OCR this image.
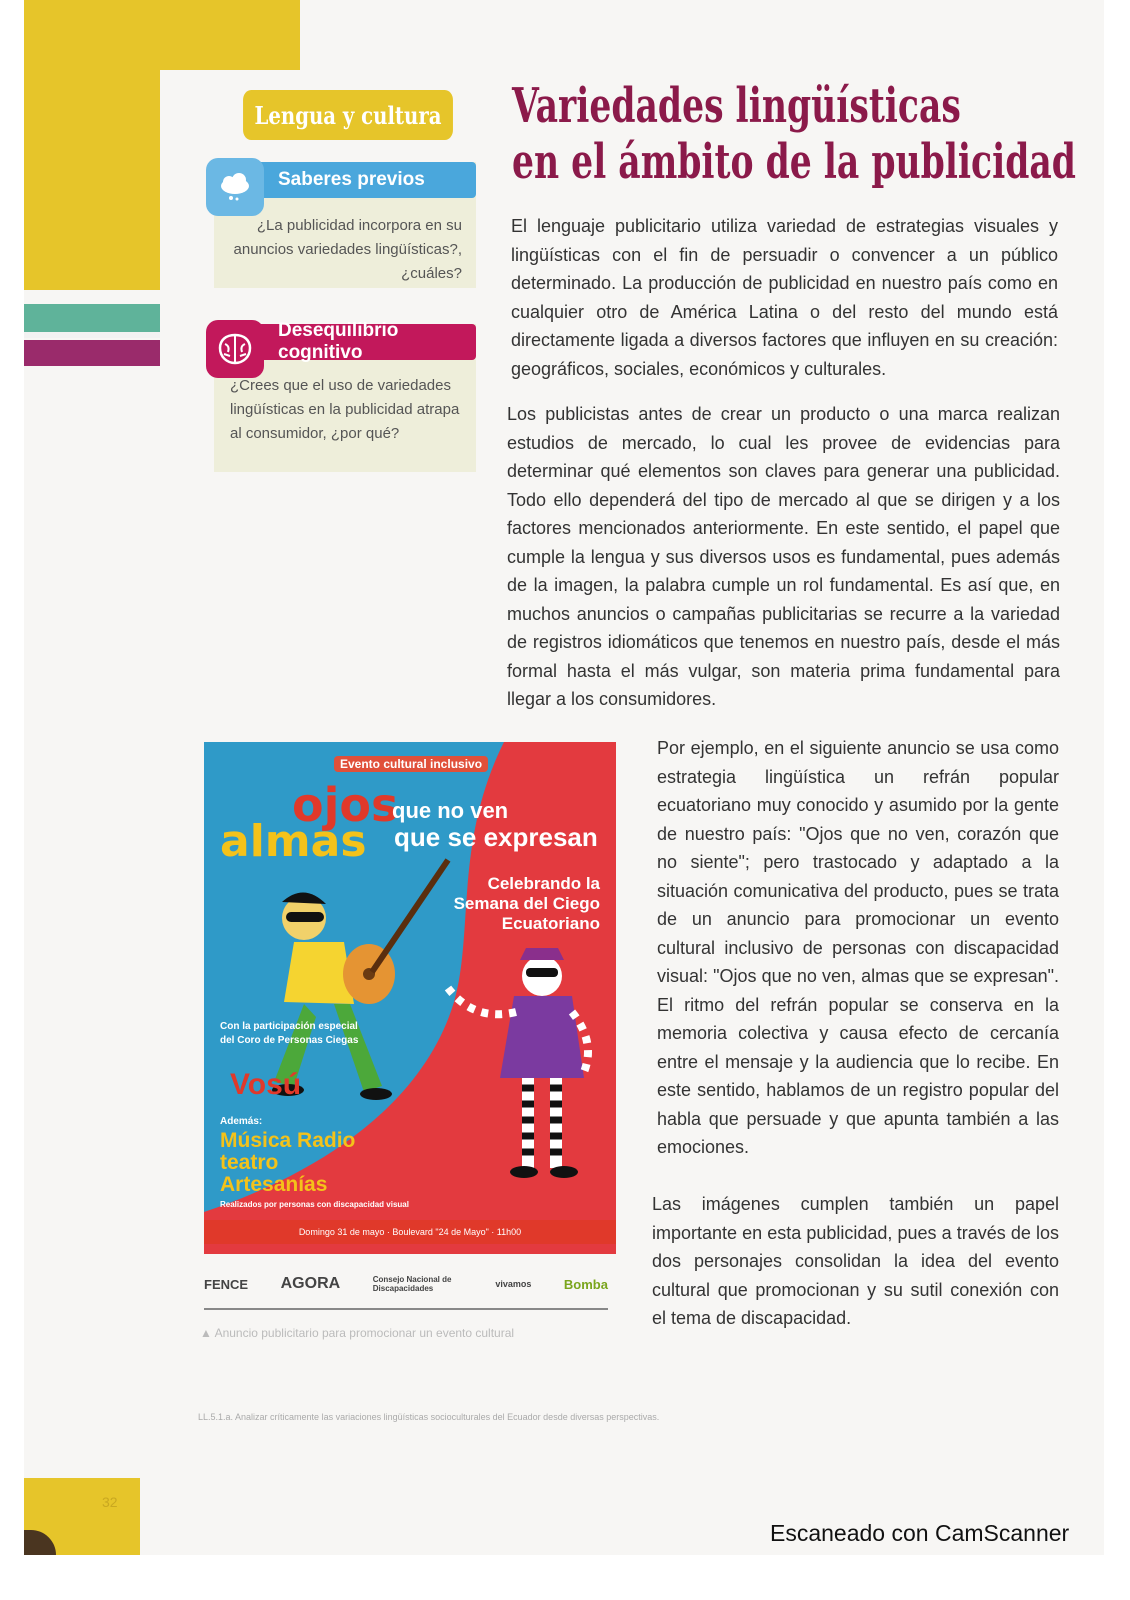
Lengua y cultura
Saberes previos
¿La publicidad incorpora en su anuncios variedades lingüísticas?, ¿cuáles?
Desequilibrio cognitivo
¿Crees que el uso de variedades lingüísticas en la publicidad atrapa al consumidor, ¿por qué?
Variedades lingüísticas
en el ámbito de la publicidad
El lenguaje publicitario utiliza variedad de estrategias visuales y lingüísticas con el fin de persuadir o convencer a un público determinado. La producción de publicidad en nuestro país como en cualquier otro de América Latina o del resto del mundo está directamente ligada a diversos factores que influyen en su creación: geográficos, sociales, económicos y culturales.
Los publicistas antes de crear un producto o una marca realizan estudios de mercado, lo cual les provee de evidencias para determinar qué elementos son claves para generar una publicidad. Todo ello dependerá del tipo de mercado al que se dirigen y a los factores mencionados anteriormente. En este sentido, el papel que cumple la lengua y sus diversos usos es fundamental, pues además de la imagen, la palabra cumple un rol fundamental. Es así que, en muchos anuncios o campañas publicitarias se recurre a la variedad de registros idiomáticos que tenemos en nuestro país, desde el más formal hasta el más vulgar, son materia prima fundamental para llegar a los consumidores.
Evento cultural inclusivo
ojos
que no ven
almas que se expresan
Celebrando la Semana del Ciego Ecuatoriano
Con la participación especial del Coro de Personas Ciegas
Vosú
Además:
Música Radio teatro Artesanías
Realizados por personas con discapacidad visual
Domingo 31 de mayo · Boulevard "24 de Mayo" · 11h00
FENCE AGORA	Consejo Nacional de Discapacidades	vivamos	Bomba
▲ Anuncio publicitario para promocionar un evento cultural
Por ejemplo, en el siguiente anuncio se usa como estrategia lingüística un refrán popular ecuatoriano muy conocido y asumido por la gente de nuestro país: "Ojos que no ven, corazón que no siente"; pero trastocado y adaptado a la situación comunicativa del producto, pues se trata de un anuncio para promocionar un evento cultural inclusivo de personas con discapacidad visual: "Ojos que no ven, almas que se expresan". El ritmo del refrán popular se conserva en la memoria colectiva y causa efecto de cercanía entre el mensaje y la audiencia que lo recibe. En este sentido, hablamos de un registro popular del habla que persuade y que apunta también a las emociones.
Las imágenes cumplen también un papel importante en esta publicidad, pues a través de los dos personajes consolidan la idea del evento cultural que promocionan y su sutil conexión con el tema de discapacidad.
LL.5.1.a. Analizar críticamente las variaciones lingüísticas socioculturales del Ecuador desde diversas perspectivas.
32
Escaneado con CamScanner
